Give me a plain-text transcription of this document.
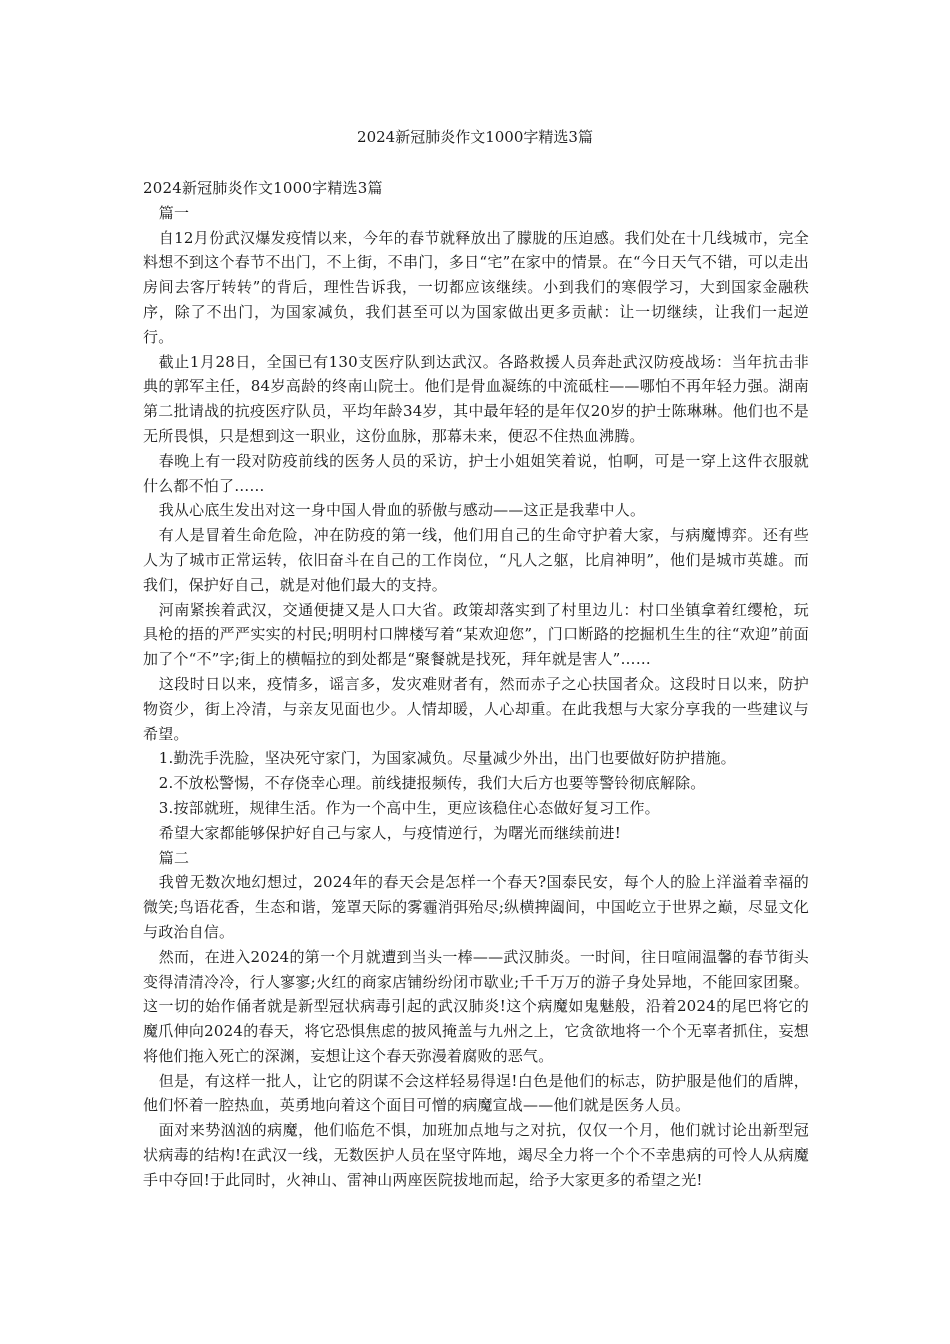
2024新冠肺炎作文1000字精选3篇

2024新冠肺炎作文1000字精选3篇

篇一

自12月份武汉爆发疫情以来，今年的春节就释放出了朦胧的压迫感。我们处在十几线城市，完全料想不到这个春节不出门，不上街，不串门，多日“宅”在家中的情景。在“今日天气不错，可以走出房间去客厅转转”的背后，理性告诉我，一切都应该继续。小到我们的寒假学习，大到国家金融秩序，除了不出门，为国家减负，我们甚至可以为国家做出更多贡献：让一切继续，让我们一起逆行。

截止1月28日，全国已有130支医疗队到达武汉。各路救援人员奔赴武汉防疫战场：当年抗击非典的郭军主任，84岁高龄的终南山院士。他们是骨血凝练的中流砥柱——哪怕不再年轻力强。湖南第二批请战的抗疫医疗队员，平均年龄34岁，其中最年轻的是年仅20岁的护士陈琳琳。他们也不是无所畏惧，只是想到这一职业，这份血脉，那幕未来，便忍不住热血沸腾。

春晚上有一段对防疫前线的医务人员的采访，护士小姐姐笑着说，怕啊，可是一穿上这件衣服就什么都不怕了……

我从心底生发出对这一身中国人骨血的骄傲与感动——这正是我辈中人。

有人是冒着生命危险，冲在防疫的第一线，他们用自己的生命守护着大家，与病魔博弈。还有些人为了城市正常运转，依旧奋斗在自己的工作岗位，“凡人之躯，比肩神明”，他们是城市英雄。而我们，保护好自己，就是对他们最大的支持。

河南紧挨着武汉，交通便捷又是人口大省。政策却落实到了村里边儿：村口坐镇拿着红缨枪，玩具枪的捂的严严实实的村民;明明村口牌楼写着“某欢迎您”，门口断路的挖掘机生生的往“欢迎”前面加了个“不”字;街上的横幅拉的到处都是“聚餐就是找死，拜年就是害人”……

这段时日以来，疫情多，谣言多，发灾难财者有，然而赤子之心扶国者众。这段时日以来，防护物资少，街上冷清，与亲友见面也少。人情却暖，人心却重。在此我想与大家分享我的一些建议与希望。

1.勤洗手洗脸，坚决死守家门，为国家减负。尽量减少外出，出门也要做好防护措施。

2.不放松警惕，不存侥幸心理。前线捷报频传，我们大后方也要等警铃彻底解除。

3.按部就班，规律生活。作为一个高中生，更应该稳住心态做好复习工作。

希望大家都能够保护好自己与家人，与疫情逆行，为曙光而继续前进!

篇二

我曾无数次地幻想过，2024年的春天会是怎样一个春天?国泰民安，每个人的脸上洋溢着幸福的微笑;鸟语花香，生态和谐，笼罩天际的雾霾消弭殆尽;纵横捭阖间，中国屹立于世界之巅，尽显文化与政治自信。

然而，在进入2024的第一个月就遭到当头一棒——武汉肺炎。一时间，往日喧闹温馨的春节街头变得清清冷冷，行人寥寥;火红的商家店铺纷纷闭市歇业;千千万万的游子身处异地，不能回家团聚。这一切的始作俑者就是新型冠状病毒引起的武汉肺炎!这个病魔如鬼魅般，沿着2024的尾巴将它的魔爪伸向2024的春天，将它恐惧焦虑的披风掩盖与九州之上，它贪欲地将一个个无辜者抓住，妄想将他们拖入死亡的深渊，妄想让这个春天弥漫着腐败的恶气。

但是，有这样一批人，让它的阴谋不会这样轻易得逞!白色是他们的标志，防护服是他们的盾牌，他们怀着一腔热血，英勇地向着这个面目可憎的病魔宣战——他们就是医务人员。

面对来势汹汹的病魔，他们临危不惧，加班加点地与之对抗，仅仅一个月，他们就讨论出新型冠状病毒的结构!在武汉一线，无数医护人员在坚守阵地，竭尽全力将一个个不幸患病的可怜人从病魔手中夺回!于此同时，火神山、雷神山两座医院拔地而起，给予大家更多的希望之光!
